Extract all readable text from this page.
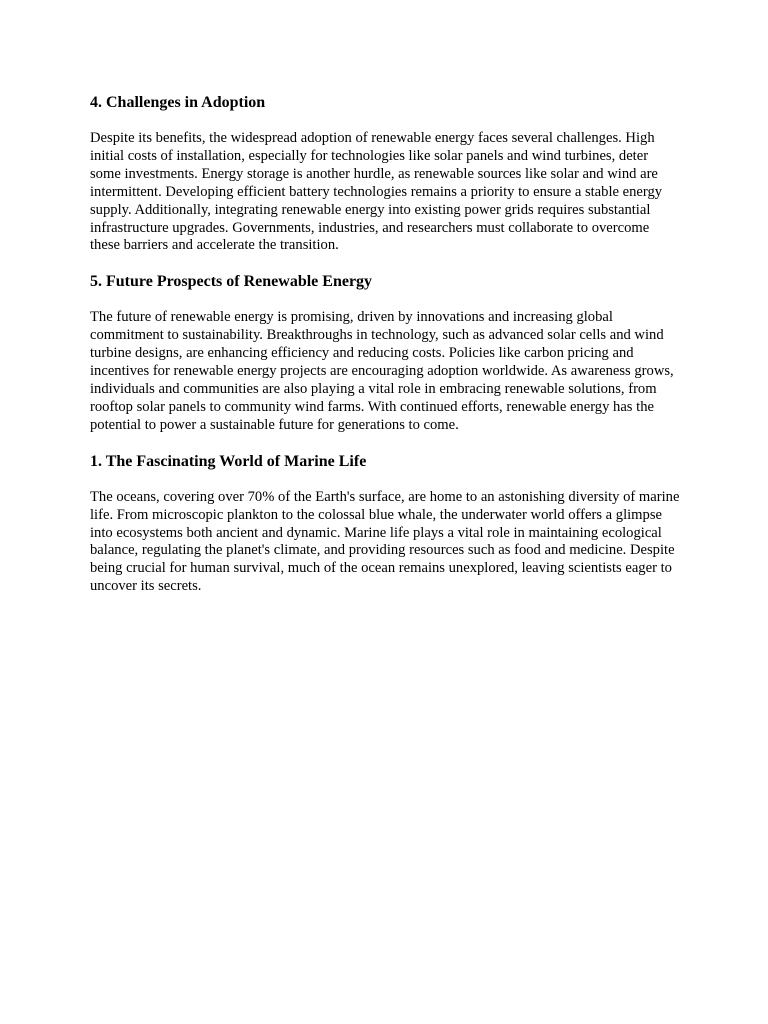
4. Challenges in Adoption

Despite its benefits, the widespread adoption of renewable energy faces several challenges. High initial costs of installation, especially for technologies like solar panels and wind turbines, deter some investments. Energy storage is another hurdle, as renewable sources like solar and wind are intermittent. Developing efficient battery technologies remains a priority to ensure a stable energy supply. Additionally, integrating renewable energy into existing power grids requires substantial infrastructure upgrades. Governments, industries, and researchers must collaborate to overcome these barriers and accelerate the transition.

5. Future Prospects of Renewable Energy

The future of renewable energy is promising, driven by innovations and increasing global commitment to sustainability. Breakthroughs in technology, such as advanced solar cells and wind turbine designs, are enhancing efficiency and reducing costs. Policies like carbon pricing and incentives for renewable energy projects are encouraging adoption worldwide. As awareness grows, individuals and communities are also playing a vital role in embracing renewable solutions, from rooftop solar panels to community wind farms. With continued efforts, renewable energy has the potential to power a sustainable future for generations to come.

1. The Fascinating World of Marine Life

The oceans, covering over 70% of the Earth's surface, are home to an astonishing diversity of marine life. From microscopic plankton to the colossal blue whale, the underwater world offers a glimpse into ecosystems both ancient and dynamic. Marine life plays a vital role in maintaining ecological balance, regulating the planet's climate, and providing resources such as food and medicine. Despite being crucial for human survival, much of the ocean remains unexplored, leaving scientists eager to uncover its secrets.
